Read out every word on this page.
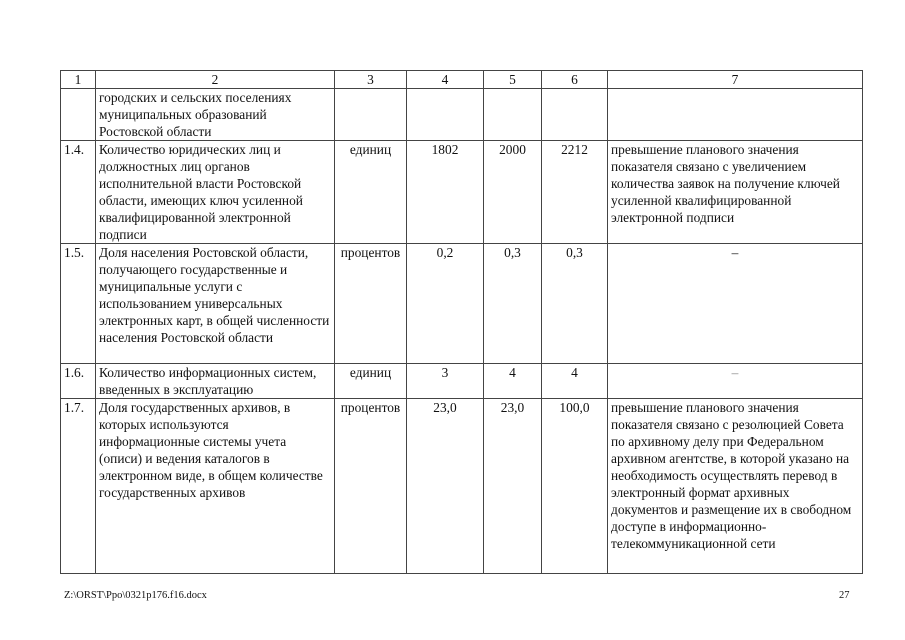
1	2	3	4	5	6	7
	городских и сельских поселениях муниципальных образований Ростовской области					
1.4.	Количество юридических лиц и должностных лиц органов исполнительной власти Ростовской области, имеющих ключ усиленной квалифицированной электронной подписи	единиц	1802	2000	2212	превышение планового значения показателя связано с увеличением количества заявок на получение ключей усиленной квалифицированной электронной подписи
1.5.	Доля населения Ростовской области, получающего государственные и муниципальные услуги с использованием универсальных электронных карт, в общей численности населения Ростовской области	процентов	0,2	0,3	0,3	–
1.6.	Количество информационных систем, введенных в эксплуатацию	единиц	3	4	4	–
1.7.	Доля государственных архивов, в которых используются информационные системы учета (описи) и ведения каталогов в электронном виде, в общем количестве государственных архивов	процентов	23,0	23,0	100,0	превышение планового значения показателя связано с резолюцией Совета по архивному делу при Федеральном архивном агентстве, в которой указано на необходимость осуществлять перевод в электронный формат архивных документов и размещение их в свободном доступе в информационно-телекоммуникационной сети
Z:\ORST\Ppo\0321p176.f16.docx	27
